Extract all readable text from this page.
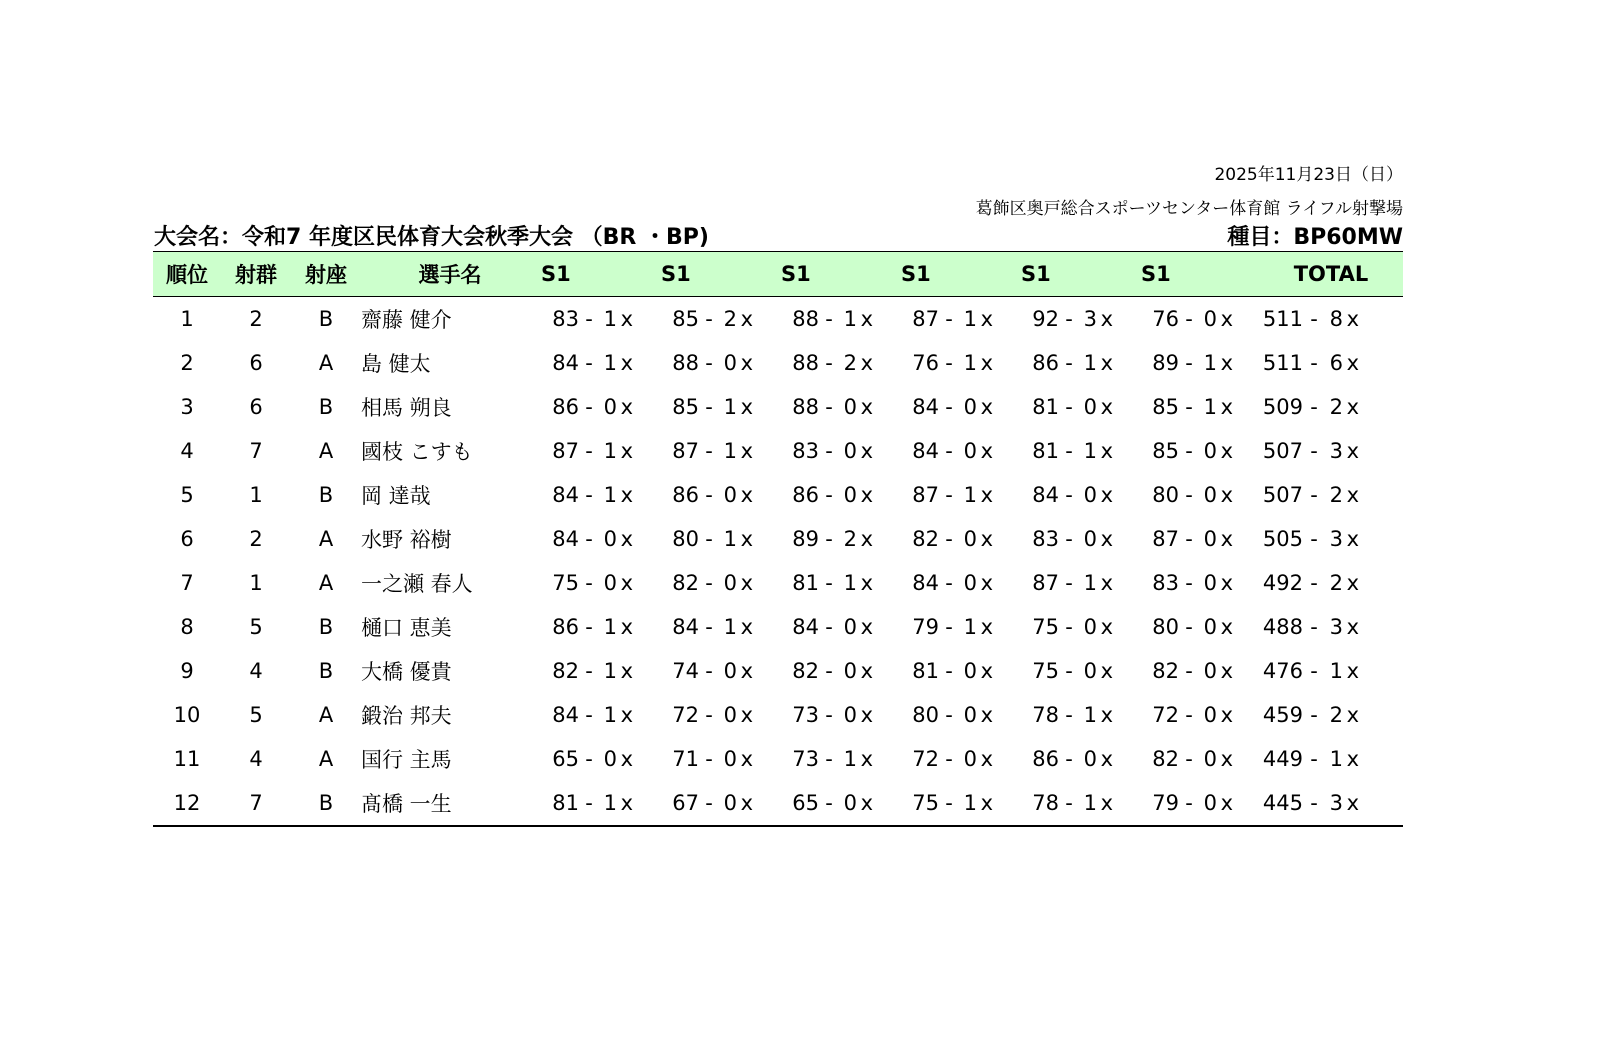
2025年11月23日（日）
葛飾区奥戸総合スポーツセンター体育館 ライフル射撃場
大会名：令和7 年度区民体育大会秋季大会 （BR ・BP)	種目：BP60MW
順位	射群	射座	選手名	S1	S1	S1	S1	S1	S1	TOTAL
1	2	B	齋藤 健介	83 - 1 x	85 - 2 x	88 - 1 x	87 - 1 x	92 - 3 x	76 - 0 x	511 - 8 x
2	6	A	島 健太	84 - 1 x	88 - 0 x	88 - 2 x	76 - 1 x	86 - 1 x	89 - 1 x	511 - 6 x
3	6	B	相馬 朔良	86 - 0 x	85 - 1 x	88 - 0 x	84 - 0 x	81 - 0 x	85 - 1 x	509 - 2 x
4	7	A	國枝 こすも	87 - 1 x	87 - 1 x	83 - 0 x	84 - 0 x	81 - 1 x	85 - 0 x	507 - 3 x
5	1	B	岡 達哉	84 - 1 x	86 - 0 x	86 - 0 x	87 - 1 x	84 - 0 x	80 - 0 x	507 - 2 x
6	2	A	水野 裕樹	84 - 0 x	80 - 1 x	89 - 2 x	82 - 0 x	83 - 0 x	87 - 0 x	505 - 3 x
7	1	A	一之瀬 春人	75 - 0 x	82 - 0 x	81 - 1 x	84 - 0 x	87 - 1 x	83 - 0 x	492 - 2 x
8	5	B	樋口 恵美	86 - 1 x	84 - 1 x	84 - 0 x	79 - 1 x	75 - 0 x	80 - 0 x	488 - 3 x
9	4	B	大橋 優貴	82 - 1 x	74 - 0 x	82 - 0 x	81 - 0 x	75 - 0 x	82 - 0 x	476 - 1 x
10	5	A	鍛治 邦夫	84 - 1 x	72 - 0 x	73 - 0 x	80 - 0 x	78 - 1 x	72 - 0 x	459 - 2 x
11	4	A	国行 主馬	65 - 0 x	71 - 0 x	73 - 1 x	72 - 0 x	86 - 0 x	82 - 0 x	449 - 1 x
12	7	B	髙橋 一生	81 - 1 x	67 - 0 x	65 - 0 x	75 - 1 x	78 - 1 x	79 - 0 x	445 - 3 x
